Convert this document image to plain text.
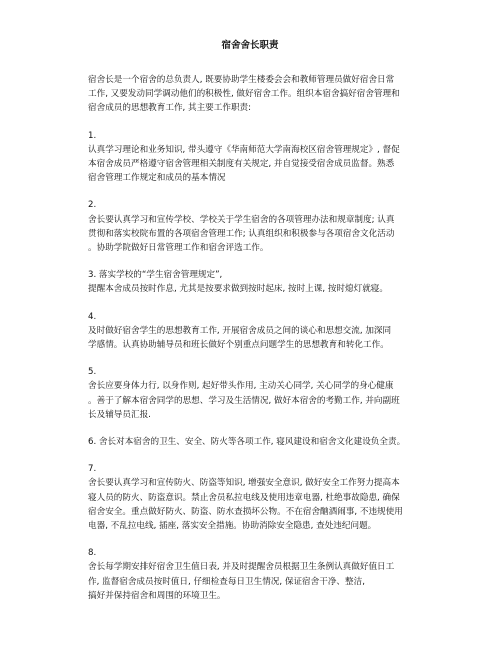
宿舍舍长职责

宿舍长是一个宿舍的总负责人, 既要协助学生楼委会会和教师管理员做好宿舍日常
工作, 又要发动同学调动他们的积极性, 做好宿舍工作。组织本宿舍搞好宿舍管理和
宿舍成员的思想教育工作, 其主要工作职责:

1.
认真学习理论和业务知识, 带头遵守《华南师范大学南海校区宿舍管理规定》, 督促
本宿舍成员严格遵守宿舍管理相关制度有关规定, 并自觉接受宿舍成员监督。熟悉
宿舍管理工作规定和成员的基本情况

2.
舍长要认真学习和宣传学校、学校关于学生宿舍的各项管理办法和规章制度; 认真
贯彻和落实校院布置的各项宿舍管理工作; 认真组织和积极参与各项宿舍文化活动
。协助学院做好日常管理工作和宿舍评选工作。

3. 落实学校的“学生宿舍管理规定”,
提醒本舍成员按时作息, 尤其是按要求做到按时起床, 按时上课, 按时熄灯就寝。

4.
及时做好宿舍学生的思想教育工作, 开展宿舍成员之间的谈心和思想交流, 加深同
学感情。认真协助辅导员和班长做好个别重点问题学生的思想教育和转化工作。

5.
舍长应要身体力行, 以身作则, 起好带头作用, 主动关心同学, 关心同学的身心健康
。善于了解本宿舍同学的思想、学习及生活情况, 做好本宿舍的考勤工作, 并向副班
长及辅导员汇报.

6. 舍长对本宿舍的卫生、安全、防火等各项工作, 寝风建设和宿舍文化建设负全责。

7.
舍长要认真学习和宣传防火、防盗等知识, 增强安全意识, 做好安全工作努力提高本
寝人员的防火、防盗意识。禁止舍员私拉电线及使用违章电器, 杜绝事故隐患, 确保
宿舍安全。重点做好防火、防盗、防水查损坏公物。不在宿舍酗酒闹事, 不违规使用
电器, 不乱拉电线, 插座, 落实安全措施。协助消除安全隐患, 查处违纪问题。

8.
舍长每学期安排好宿舍卫生值日表, 并及时提醒舍员根据卫生条例认真做好值日工
作, 监督宿舍成员按时值日, 仔细检查每日卫生情况, 保证宿舍干净、整洁,
搞好并保持宿舍和周围的环境卫生。
